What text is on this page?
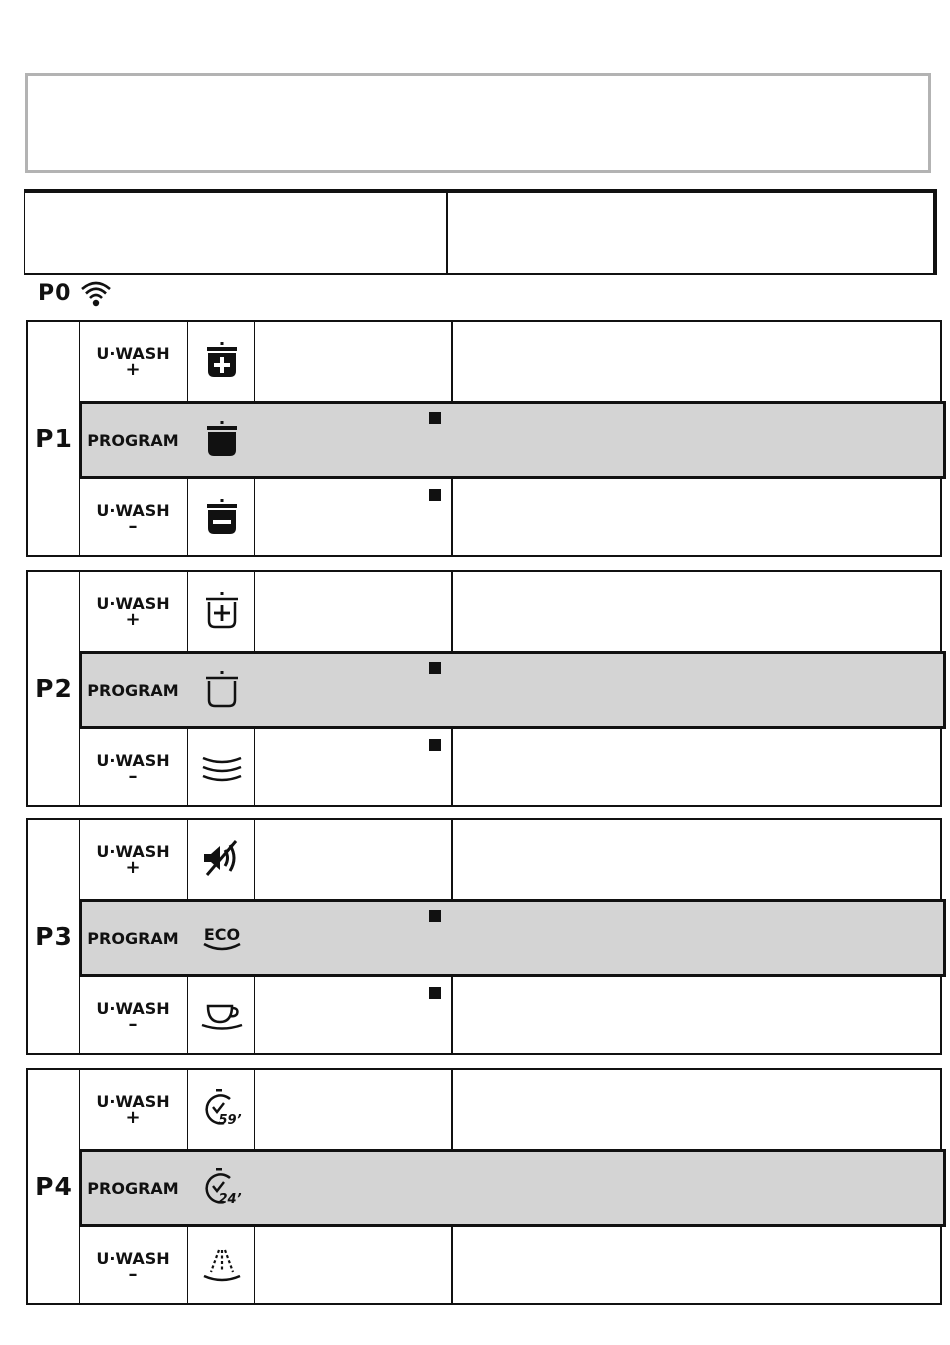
P0
P1
U·WASH
+
PROGRAM
U·WASH
–
P2
U·WASH
+
PROGRAM
U·WASH
–
P3
U·WASH
+
PROGRAM ECO
U·WASH
–
P4
U·WASH
+	59’
PROGRAM
24’
U·WASH
–
